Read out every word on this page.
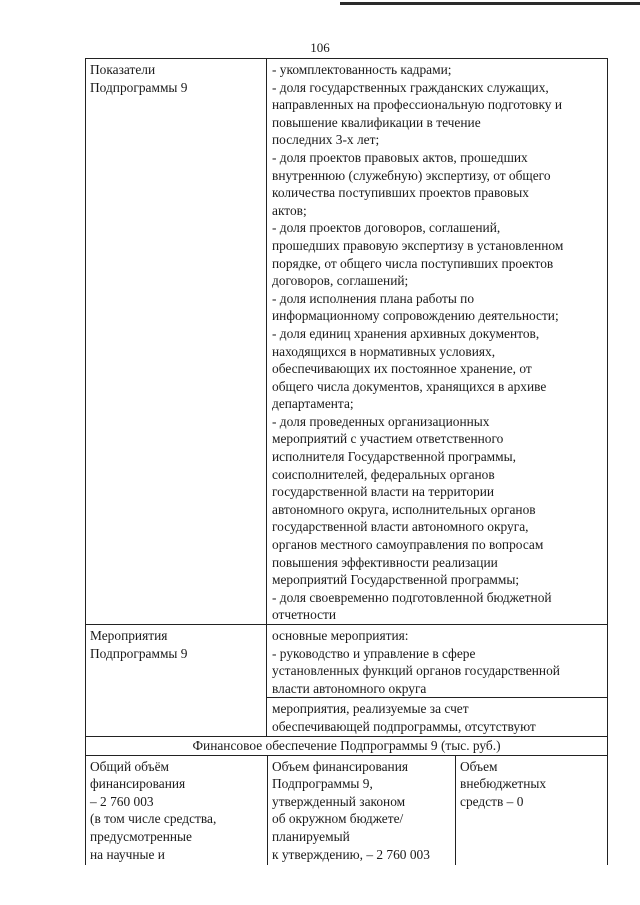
106
Показатели
Подпрограммы 9
- укомплектованность кадрами;
- доля государственных гражданских служащих,
направленных на профессиональную подготовку и
повышение квалификации в течение
последних 3-х лет;
- доля проектов правовых актов, прошедших
внутреннюю (служебную) экспертизу, от общего
количества поступивших проектов правовых
актов;
- доля проектов договоров, соглашений,
прошедших правовую экспертизу в установленном
порядке, от общего числа поступивших проектов
договоров, соглашений;
- доля исполнения плана работы по
информационному сопровождению деятельности;
- доля единиц хранения архивных документов,
находящихся в нормативных условиях,
обеспечивающих их постоянное хранение, от
общего числа документов, хранящихся в архиве
департамента;
- доля проведенных организационных
мероприятий с участием ответственного
исполнителя Государственной программы,
соисполнителей, федеральных органов
государственной власти на территории
автономного округа, исполнительных органов
государственной власти автономного округа,
органов местного самоуправления по вопросам
повышения эффективности реализации
мероприятий Государственной программы;
- доля своевременно подготовленной бюджетной
отчетности
Мероприятия
Подпрограммы 9
основные мероприятия:
- руководство и управление в сфере
установленных функций органов государственной
власти автономного округа
мероприятия, реализуемые за счет
обеспечивающей подпрограммы, отсутствуют
Финансовое обеспечение Подпрограммы 9 (тыс. руб.)
Общий объём
финансирования
– 2 760 003
(в том числе средства,
предусмотренные
на научные и
Объем финансирования
Подпрограммы 9,
утвержденный законом
об окружном бюджете/
планируемый
к утверждению, – 2 760 003
Объем
внебюджетных
средств – 0
